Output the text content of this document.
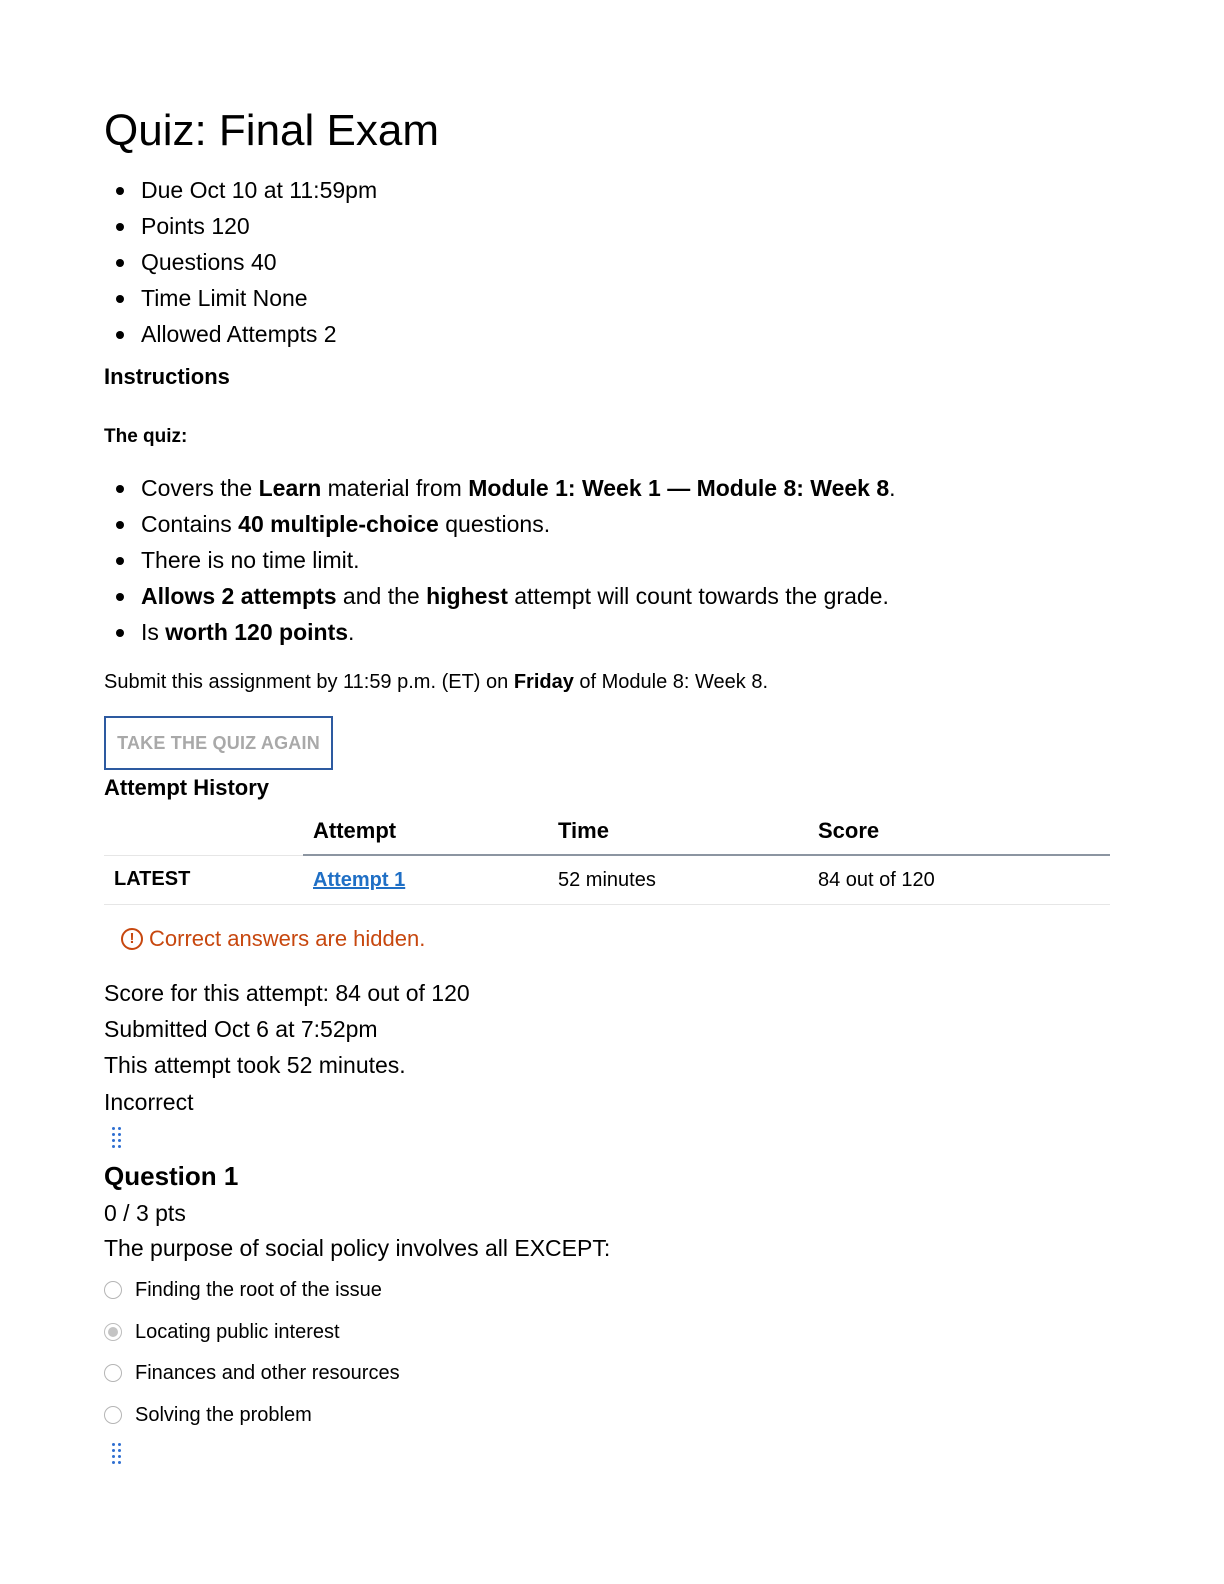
Quiz: Final Exam
Due Oct 10 at 11:59pm
Points 120
Questions 40
Time Limit None
Allowed Attempts 2
Instructions
The quiz:
Covers the Learn material from Module 1: Week 1 — Module 8: Week 8.
Contains 40 multiple-choice questions.
There is no time limit.
Allows 2 attempts and the highest attempt will count towards the grade.
Is worth 120 points.
Submit this assignment by 11:59 p.m. (ET) on Friday of Module 8: Week 8.
TAKE THE QUIZ AGAIN
Attempt History
	Attempt	Time	Score
LATEST	Attempt 1	52 minutes	84 out of 120
! Correct answers are hidden.
Score for this attempt: 84 out of 120
Submitted Oct 6 at 7:52pm
This attempt took 52 minutes.
Incorrect
Question 1
0 / 3 pts
The purpose of social policy involves all EXCEPT:
Finding the root of the issue
Locating public interest
Finances and other resources
Solving the problem
